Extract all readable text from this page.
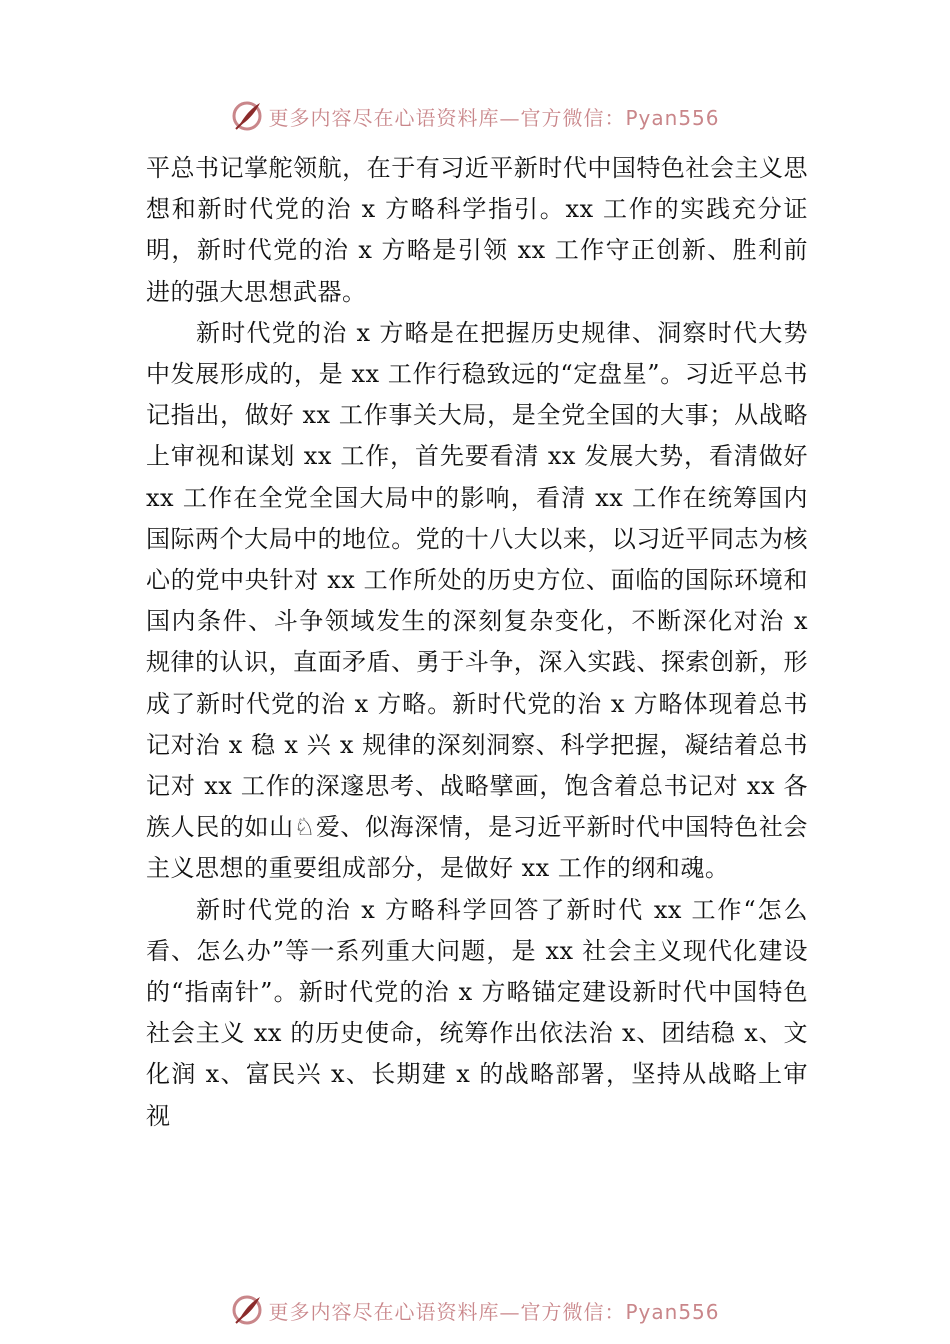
更多内容尽在心语资料库—官方微信：Pyan556

平总书记掌舵领航，在于有习近平新时代中国特色社会主义思想和新时代党的治 x 方略科学指引。xx 工作的实践充分证明，新时代党的治 x 方略是引领 xx 工作守正创新、胜利前进的强大思想武器。

新时代党的治 x 方略是在把握历史规律、洞察时代大势中发展形成的，是 xx 工作行稳致远的“定盘星”。习近平总书记指出，做好 xx 工作事关大局，是全党全国的大事；从战略上审视和谋划 xx 工作，首先要看清 xx 发展大势，看清做好 xx 工作在全党全国大局中的影响，看清 xx 工作在统筹国内国际两个大局中的地位。党的十八大以来，以习近平同志为核心的党中央针对 xx 工作所处的历史方位、面临的国际环境和国内条件、斗争领域发生的深刻复杂变化，不断深化对治 x 规律的认识，直面矛盾、勇于斗争，深入实践、探索创新，形成了新时代党的治 x 方略。新时代党的治 x 方略体现着总书记对治 x 稳 x 兴 x 规律的深刻洞察、科学把握，凝结着总书记对 xx 工作的深邃思考、战略擘画，饱含着总书记对 xx 各族人民的如山♘爱、似海深情，是习近平新时代中国特色社会主义思想的重要组成部分，是做好 xx 工作的纲和魂。

新时代党的治 x 方略科学回答了新时代 xx 工作“怎么看、怎么办”等一系列重大问题，是 xx 社会主义现代化建设的“指南针”。新时代党的治 x 方略锚定建设新时代中国特色社会主义 xx 的历史使命，统筹作出依法治 x、团结稳 x、文化润 x、富民兴 x、长期建 x 的战略部署，坚持从战略上审视

更多内容尽在心语资料库—官方微信：Pyan556
